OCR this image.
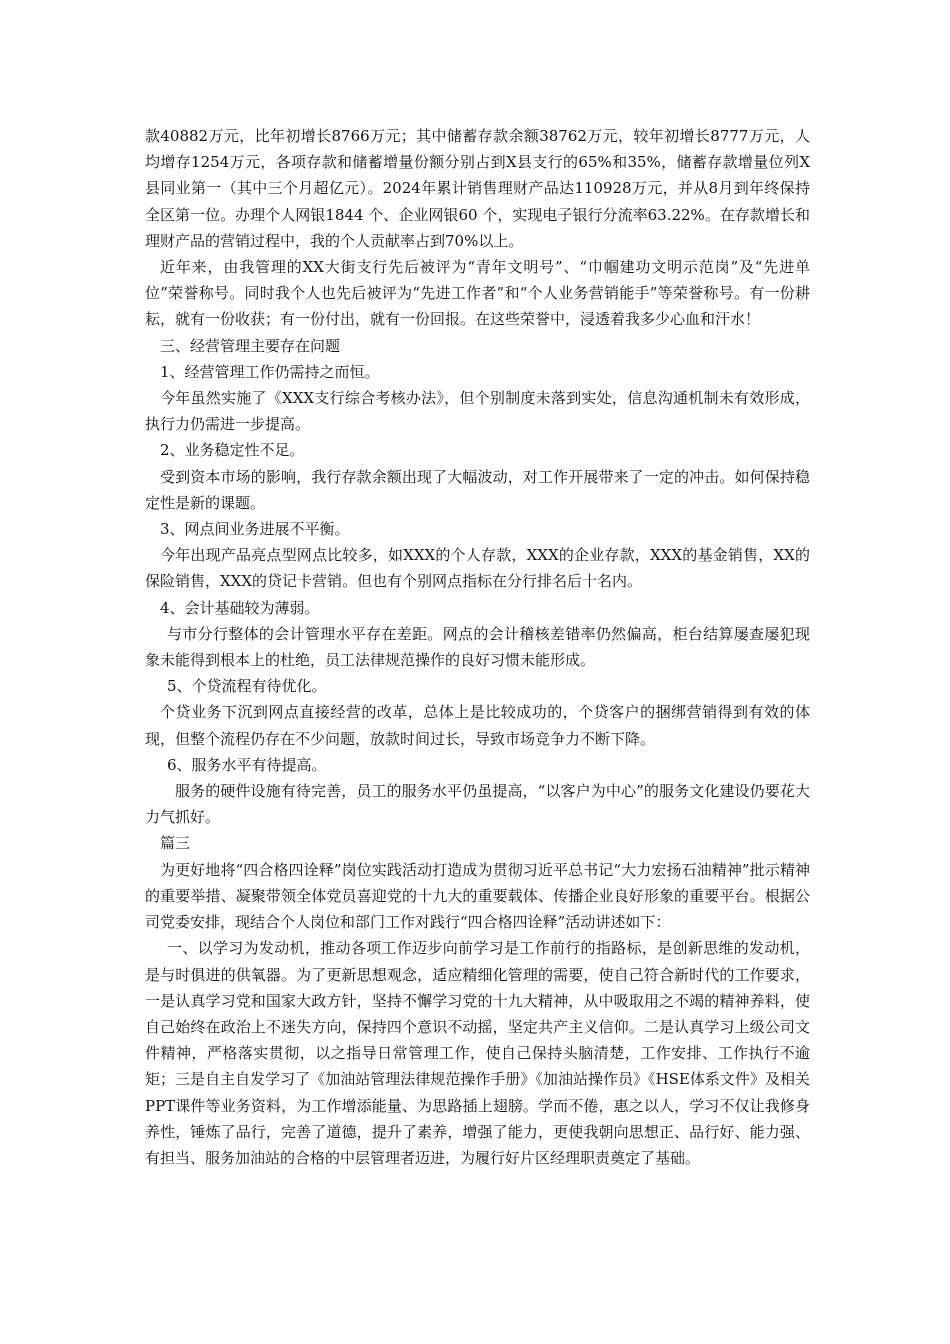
款40882万元，比年初增长8766万元；其中储蓄存款余额38762万元，较年初增长8777万元，人均增存1254万元，各项存款和储蓄增量份额分别占到X县支行的65%和35%，储蓄存款增量位列X县同业第一（其中三个月超亿元）。2024年累计销售理财产品达110928万元，并从8月到年终保持全区第一位。办理个人网银1844 个、企业网银60 个，实现电子银行分流率63.22%。在存款增长和理财产品的营销过程中，我的个人贡献率占到70%以上。

近年来，由我管理的XX大街支行先后被评为“青年文明号”、“巾帼建功文明示范岗”及“先进单位”荣誉称号。同时我个人也先后被评为“先进工作者”和“个人业务营销能手”等荣誉称号。有一份耕耘，就有一份收获；有一份付出，就有一份回报。在这些荣誉中，浸透着我多少心血和汗水！

三、经营管理主要存在问题

1、经营管理工作仍需持之而恒。

今年虽然实施了《XXX支行综合考核办法》，但个别制度未落到实处，信息沟通机制未有效形成，执行力仍需进一步提高。

2、业务稳定性不足。

受到资本市场的影响，我行存款余额出现了大幅波动，对工作开展带来了一定的冲击。如何保持稳定性是新的课题。

3、网点间业务进展不平衡。

今年出现产品亮点型网点比较多，如XXX的个人存款，XXX的企业存款，XXX的基金销售，XX的保险销售，XXX的贷记卡营销。但也有个别网点指标在分行排名后十名内。

4、会计基础较为薄弱。

与市分行整体的会计管理水平存在差距。网点的会计稽核差错率仍然偏高，柜台结算屡查屡犯现象未能得到根本上的杜绝，员工法律规范操作的良好习惯未能形成。

5、个贷流程有待优化。

个贷业务下沉到网点直接经营的改革，总体上是比较成功的，个贷客户的捆绑营销得到有效的体现，但整个流程仍存在不少问题，放款时间过长，导致市场竞争力不断下降。

6、服务水平有待提高。

服务的硬件设施有待完善，员工的服务水平仍虽提高，“以客户为中心”的服务文化建设仍要花大力气抓好。

篇三

为更好地将“四合格四诠释”岗位实践活动打造成为贯彻习近平总书记“大力宏扬石油精神”批示精神的重要举措、凝聚带领全体党员喜迎党的十九大的重要载体、传播企业良好形象的重要平台。根据公司党委安排，现结合个人岗位和部门工作对践行“四合格四诠释”活动讲述如下：

一、以学习为发动机，推动各项工作迈步向前学习是工作前行的指路标，是创新思维的发动机，是与时俱进的供氧器。为了更新思想观念，适应精细化管理的需要，使自己符合新时代的工作要求，一是认真学习党和国家大政方针，坚持不懈学习党的十九大精神，从中吸取用之不竭的精神养料，使自己始终在政治上不迷失方向，保持四个意识不动摇，坚定共产主义信仰。二是认真学习上级公司文件精神，严格落实贯彻，以之指导日常管理工作，使自己保持头脑清楚，工作安排、工作执行不逾矩；三是自主自发学习了《加油站管理法律规范操作手册》《加油站操作员》《HSE体系文件》及相关PPT课件等业务资料，为工作增添能量、为思路插上翅膀。学而不倦，惠之以人，学习不仅让我修身养性，锤炼了品行，完善了道德，提升了素养，增强了能力，更使我朝向思想正、品行好、能力强、有担当、服务加油站的合格的中层管理者迈进，为履行好片区经理职责奠定了基础。
